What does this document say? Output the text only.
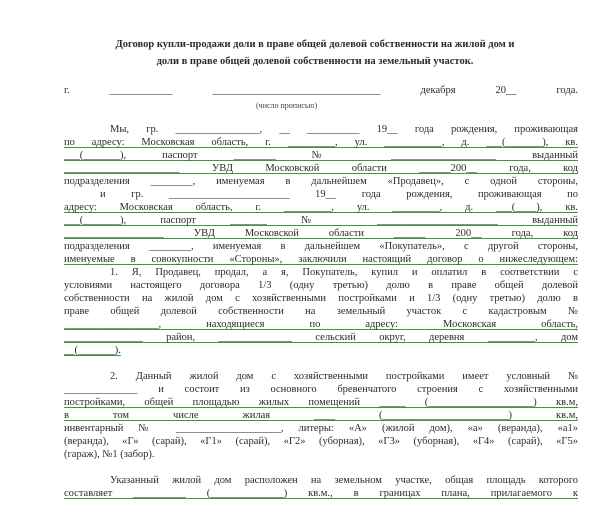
Договор купли-продажи доли в праве общей долевой собственности на жилой дом и
доли в праве общей долевой собственности на земельный участок.
г. ____________ ________________________________ декабря 20__ года.
(число прописью)
Мы, гр. ________________, __ __________ 19__ года рождения, проживающая
по адресу: Московская область, г. _________, ул. ___________, д. ___(_______), кв.
___(_______), паспорт ________ № ____________________ выданный
______________________ УВД Московской области ______200__ года, код
подразделения ________, именуемая в дальнейшем «Продавец», с одной стороны,
и гр. _______________________ 19__ года рождения, проживающая по
адресу: Московская область, г. _________, ул. _________, д. ___(____), кв.
___(_______), паспорт _______ № _______________________ выданный
___________________ УВД Московской области ______ 200__ года, код
подразделения ________, именуемая в дальнейшем «Покупатель», с другой стороны,
именуемые в совокупности «Стороны», заключили настоящий договор о нижеследующем:
1. Я, Продавец, продал, а я, Покупатель, купил и оплатил в соответствии с
условиями настоящего договора 1/3 (одну третью) долю в праве общей долевой
собственности на жилой дом с хозяйственными постройками и 1/3 (одну третью) долю в
праве общей долевой собственности на земельный участок с кадастровым №
__________________, находящиеся по адресу: Московская область,
_______________ район, ______________ сельский округ, деревня _________, дом
__(_______).
2. Данный жилой дом с хозяйственными постройками имеет условный №
______________ и состоит из основного бревенчатого строения с хозяйственными
постройками, общей площадью жилых помещений _____ (____________________) кв.м,
в том числе жилая ____ (________________________) кв.м,
инвентарный № ____________________, литеры: «А» (жилой дом), «а» (веранда), «а1»
(веранда), «Г» (сарай), «Г1» (сарай), «Г2» (уборная), «Г3» (уборная), «Г4» (сарай), «Г5»
(гараж), №1 (забор).
Указанный жилой дом расположен на земельном участке, общая площадь которого
составляет __________ (______________) кв.м., в границах плана, прилагаемого к
